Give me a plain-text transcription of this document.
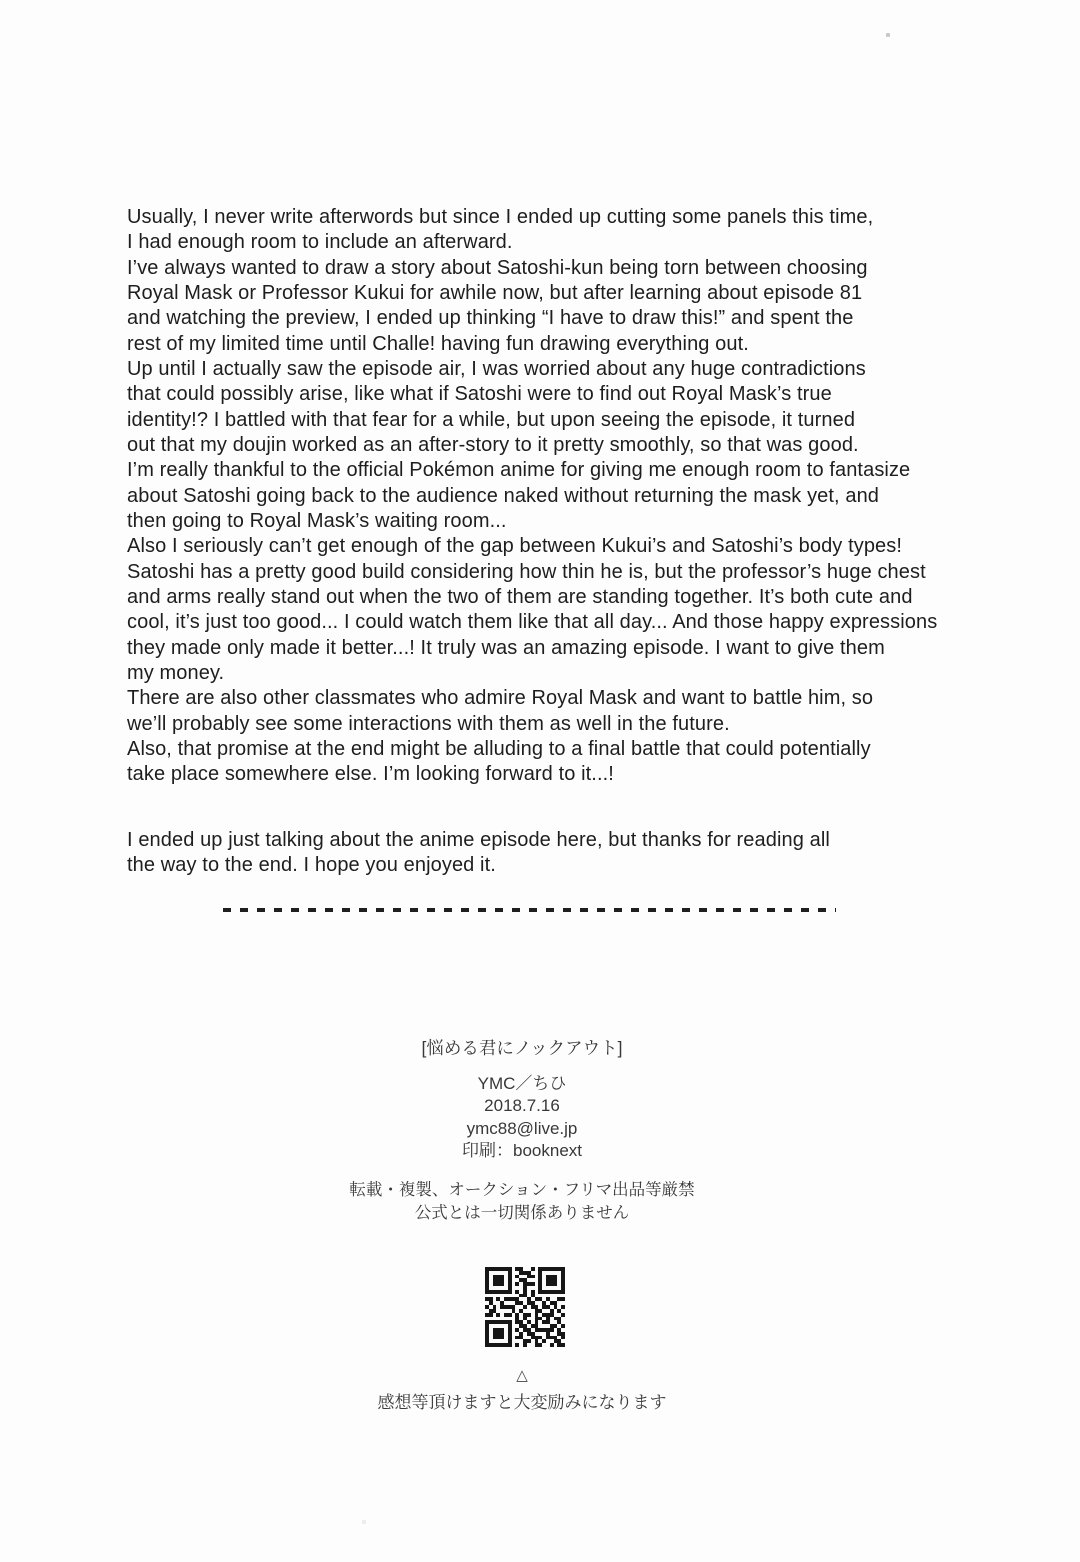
Usually, I never write afterwords but since I ended up cutting some panels this time,
I had enough room to include an afterward.
I’ve always wanted to draw a story about Satoshi-kun being torn between choosing
Royal Mask or Professor Kukui for awhile now, but after learning about episode 81
and watching the preview, I ended up thinking “I have to draw this!” and spent the
rest of my limited time until Challe! having fun drawing everything out.
Up until I actually saw the episode air, I was worried about any huge contradictions
that could possibly arise, like what if Satoshi were to find out Royal Mask’s true
identity!? I battled with that fear for a while, but upon seeing the episode, it turned
out that my doujin worked as an after-story to it pretty smoothly, so that was good.
I’m really thankful to the official Pokémon anime for giving me enough room to fantasize
about Satoshi going back to the audience naked without returning the mask yet, and
then going to Royal Mask’s waiting room...
Also I seriously can’t get enough of the gap between Kukui’s and Satoshi’s body types!
Satoshi has a pretty good build considering how thin he is, but the professor’s huge chest
and arms really stand out when the two of them are standing together. It’s both cute and
cool, it’s just too good... I could watch them like that all day... And those happy expressions
they made only made it better...! It truly was an amazing episode. I want to give them
my money.
There are also other classmates who admire Royal Mask and want to battle him, so
we’ll probably see some interactions with them as well in the future.
Also, that promise at the end might be alluding to a final battle that could potentially
take place somewhere else. I’m looking forward to it...!
I ended up just talking about the anime episode here, but thanks for reading all
the way to the end. I hope you enjoyed it.
[悩める君にノックアウト]
YMC／ちひ
2018.7.16
ymc88@live.jp
印刷：booknext
転載・複製、オークション・フリマ出品等厳禁
公式とは一切関係ありません
△
感想等頂けますと大変励みになります
